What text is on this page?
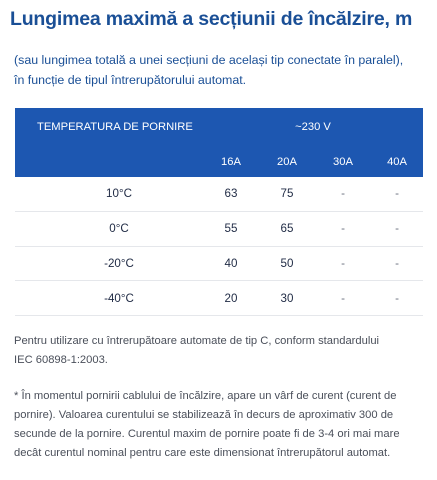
Lungimea maximă a secțiunii de încălzire, m
(sau lungimea totală a unei secțiuni de același tip conectate în paralel),
în funcție de tipul întrerupătorului automat.
TEMPERATURA DE PORNIRE	~230 V			
	16A	20A	30A	40A
10°C	63	75	-	-
0°C	55	65	-	-
-20°C	40	50	-	-
-40°C	20	30	-	-
Pentru utilizare cu întrerupătoare automate de tip C, conform standardului
IEC 60898-1:2003.
* În momentul pornirii cablului de încălzire, apare un vârf de curent (curent de
pornire). Valoarea curentului se stabilizează în decurs de aproximativ 300 de
secunde de la pornire. Curentul maxim de pornire poate fi de 3-4 ori mai mare
decât curentul nominal pentru care este dimensionat întrerupătorul automat.
